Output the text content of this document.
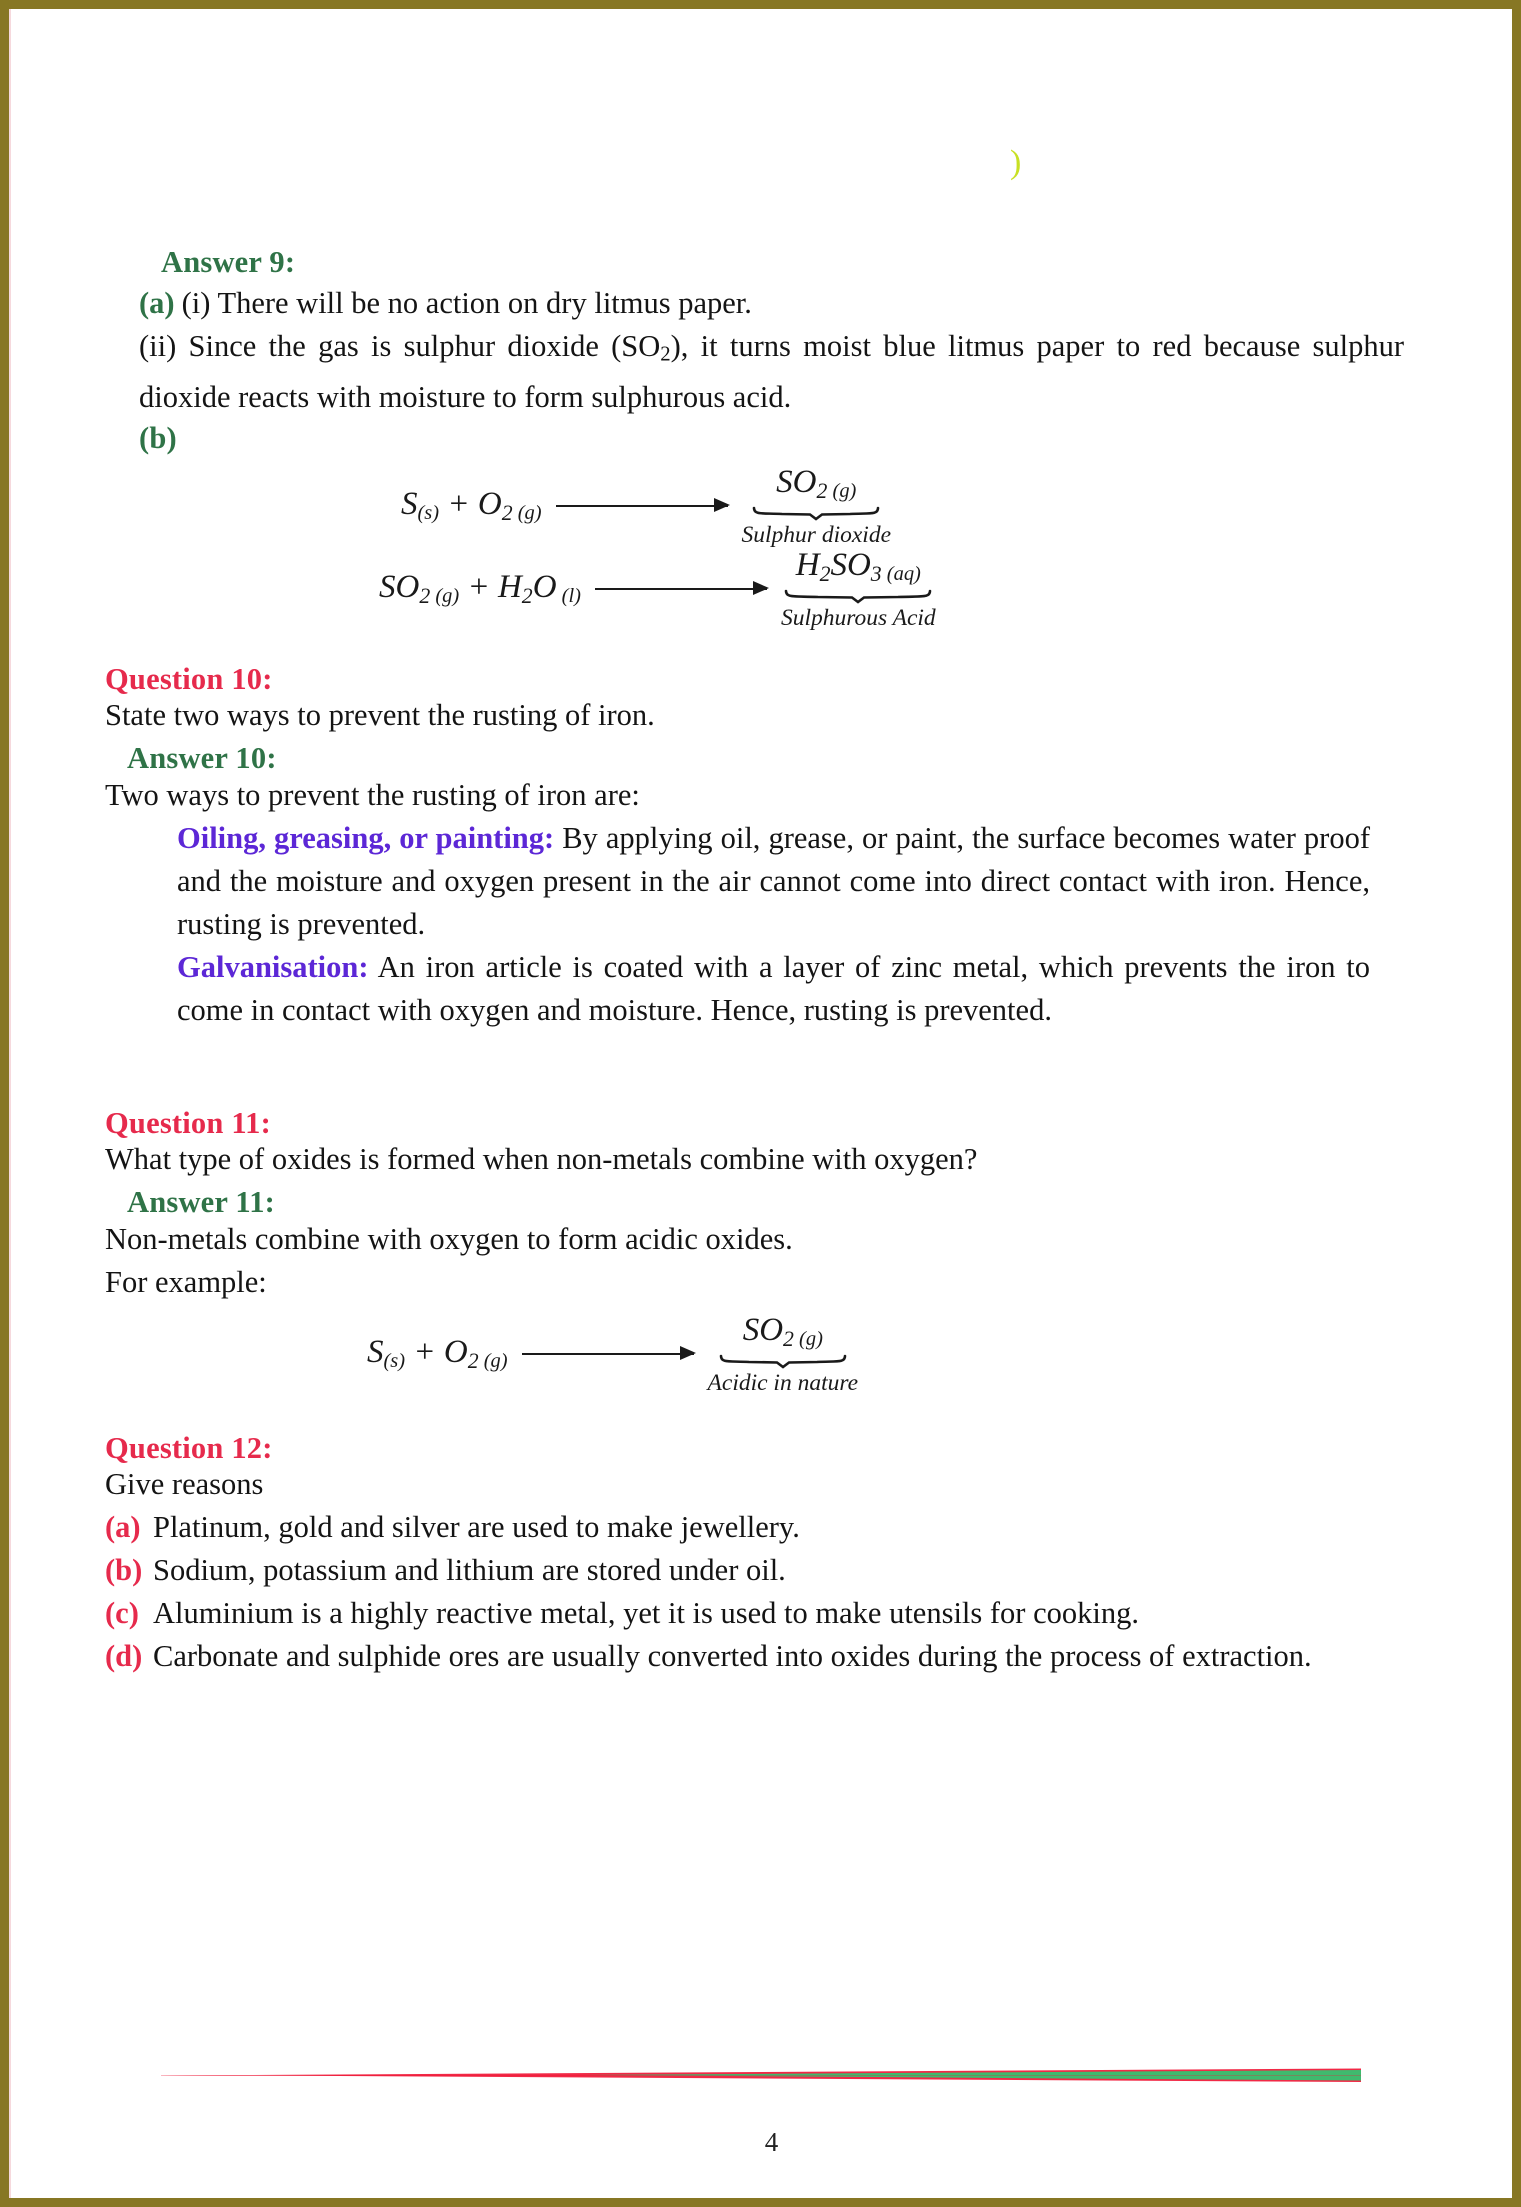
)
Answer 9:
(a) (i) There will be no action on dry litmus paper.
(ii) Since the gas is sulphur dioxide $(SO_2)$, it turns moist blue litmus paper to red because sulphur dioxide reacts with moisture to form sulphurous acid.
(b)
S(s) + O2 (g)
SO2 (g)
Sulphur dioxide
SO2 (g) + H2O (l)
H2SO3 (aq)
Sulphurous Acid
Question 10:
State two ways to prevent the rusting of iron.
Answer 10:
Two ways to prevent the rusting of iron are:
Oiling, greasing, or painting: By applying oil, grease, or paint, the surface becomes water proof and the moisture and oxygen present in the air cannot come into direct contact with iron. Hence, rusting is prevented.
Galvanisation: An iron article is coated with a layer of zinc metal, which prevents the iron to come in contact with oxygen and moisture. Hence, rusting is prevented.
Question 11:
What type of oxides is formed when non-metals combine with oxygen?
Answer 11:
Non-metals combine with oxygen to form acidic oxides.
For example:
S(s) + O2 (g)
SO2 (g)
Acidic in nature
Question 12:
Give reasons
(a) Platinum, gold and silver are used to make jewellery.
(b) Sodium, potassium and lithium are stored under oil.
(c) Aluminium is a highly reactive metal, yet it is used to make utensils for cooking.
(d) Carbonate and sulphide ores are usually converted into oxides during the process of extraction.
4
